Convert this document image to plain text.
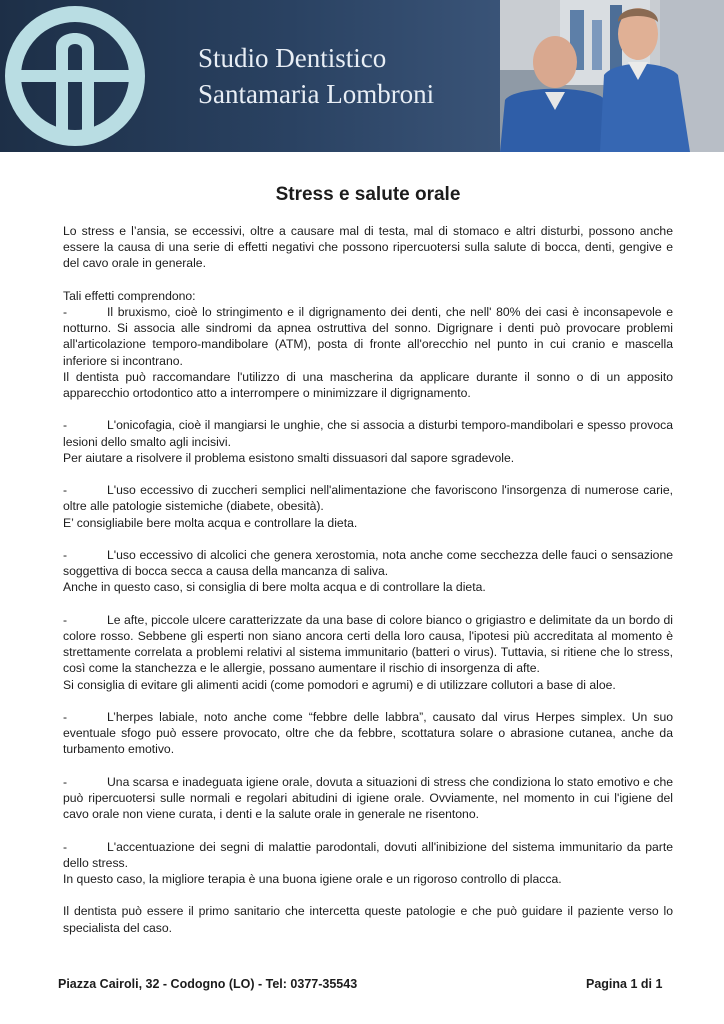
Studio Dentistico
Santamaria Lombroni
Stress e salute orale

Lo stress e l’ansia, se eccessivi, oltre a causare mal di testa, mal di stomaco e altri disturbi, possono anche essere la causa di una serie di effetti negativi che possono ripercuotersi sulla salute di bocca, denti, gengive e del cavo orale in generale.

Tali effetti comprendono:

-	Il bruxismo, cioè lo stringimento e il digrignamento dei denti, che nell' 80% dei casi è inconsapevole e notturno. Si associa alle sindromi da apnea ostruttiva del sonno. Digrignare i denti può provocare problemi all'articolazione temporo-mandibolare (ATM), posta di fronte all'orecchio nel punto in cui cranio e mascella inferiore si incontrano.

Il dentista può raccomandare l'utilizzo di una mascherina da applicare durante il sonno o di un apposito apparecchio ortodontico atto a interrompere o minimizzare il digrignamento.

-	L'onicofagia, cioè il mangiarsi le unghie, che si associa a disturbi temporo-mandibolari e spesso provoca lesioni dello smalto agli incisivi.

Per aiutare a risolvere il problema esistono smalti dissuasori dal sapore sgradevole.

-	L'uso eccessivo di zuccheri semplici nell'alimentazione che favoriscono l'insorgenza di numerose carie, oltre alle patologie sistemiche (diabete, obesità).

E’ consigliabile bere molta acqua e controllare la dieta.

-	L'uso eccessivo di alcolici che genera xerostomia, nota anche come secchezza delle fauci o sensazione soggettiva di bocca secca a causa della mancanza di saliva.

Anche in questo caso, si consiglia di bere molta acqua e di controllare la dieta.

-	Le afte, piccole ulcere caratterizzate da una base di colore bianco o grigiastro e delimitate da un bordo di colore rosso. Sebbene gli esperti non siano ancora certi della loro causa, l'ipotesi più accreditata al momento è strettamente correlata a problemi relativi al sistema immunitario (batteri o virus). Tuttavia, si ritiene che lo stress, così come la stanchezza e le allergie, possano aumentare il rischio di insorgenza di afte.

Si consiglia di evitare gli alimenti acidi (come pomodori e agrumi) e di utilizzare collutori a base di aloe.

-	L’herpes labiale, noto anche come “febbre delle labbra”, causato dal virus Herpes simplex. Un suo eventuale sfogo può essere provocato, oltre che da febbre, scottatura solare o abrasione cutanea, anche da turbamento emotivo.

-	Una scarsa e inadeguata igiene orale, dovuta a situazioni di stress che condiziona lo stato emotivo e che può ripercuotersi sulle normali e regolari abitudini di igiene orale. Ovviamente, nel momento in cui l'igiene del cavo orale non viene curata, i denti e la salute orale in generale ne risentono.

-	L'accentuazione dei segni di malattie parodontali, dovuti all'inibizione del sistema immunitario da parte dello stress.

In questo caso, la migliore terapia è una buona igiene orale e un rigoroso controllo di placca.

Il dentista può essere il primo sanitario che intercetta queste patologie e che può guidare il paziente verso lo specialista del caso.

Piazza Cairoli, 32 - Codogno (LO) - Tel: 0377-35543	Pagina 1 di 1
